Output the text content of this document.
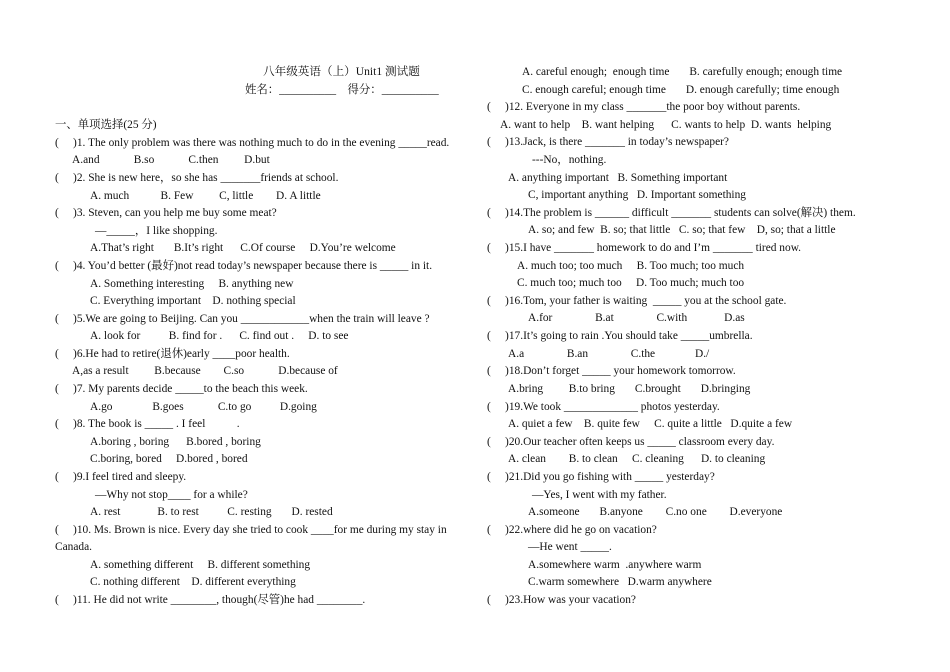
八年级英语（上）Unit1 测试题
姓名：__________    得分：__________
一、单项选择(25 分)
(     )1. The only problem was there was nothing much to do in the evening _____read.
A.and            B.so            C.then         D.but
(     )2. She is new here，so she has _______friends at school.
A. much           B. Few         C, little        D. A little
(     )3. Steven, can you help me buy some meat?
—_____，I like shopping.
A.That’s right       B.It’s right      C.Of course     D.You’re welcome
(     )4. You’d better (最好)not read today’s newspaper because there is _____ in it.
A. Something interesting     B. anything new
C. Everything important    D. nothing special
(     )5.We are going to Beijing. Can you ____________when the train will leave ?
A. look for          B. find for .      C. find out .     D. to see
(     )6.He had to retire(退休)early ____poor health.
A,as a result         B.because        C.so            D.because of
(     )7. My parents decide _____to the beach this week.
A.go              B.goes            C.to go          D.going
(     )8. The book is _____ . I feel           .
A.boring , boring      B.bored , boring
C.boring, bored     D.bored , bored
(     )9.I feel tired and sleepy.
—Why not stop____ for a while?
A. rest             B. to rest          C. resting       D. rested
(     )10. Ms. Brown is nice. Every day she tried to cook ____for me during my stay in
Canada.
A. something different     B. different something
C. nothing different    D. different everything
(     )11. He did not write ________, though(尽管)he had ________.
A. careful enough;  enough time       B. carefully enough; enough time
C. enough careful; enough time       D. enough carefully; time enough
(     )12. Everyone in my class _______the poor boy without parents.
A. want to help    B. want helping      C. wants to help  D. wants  helping
(     )13.Jack, is there _______ in today’s newspaper?
---No，nothing.
A. anything important   B. Something important
C, important anything   D. Important something
(     )14.The problem is ______ difficult _______ students can solve(解决) them.
A. so; and few  B. so; that little   C. so; that few    D, so; that a little
(     )15.I have _______ homework to do and I’m _______ tired now.
A. much too; too much     B. Too much; too much
C. much too; much too     D. Too much; much too
(     )16.Tom, your father is waiting  _____ you at the school gate.
A.for               B.at               C.with             D.as
(     )17.It’s going to rain .You should take _____umbrella.
A.a               B.an               C.the              D./
(     )18.Don’t forget _____ your homework tomorrow.
A.bring         B.to bring       C.brought       D.bringing
(     )19.We took _____________ photos yesterday.
A. quiet a few    B. quite few     C. quite a little   D.quite a few
(     )20.Our teacher often keeps us _____ classroom every day.
A. clean        B. to clean     C. cleaning      D. to cleaning
(     )21.Did you go fishing with _____ yesterday?
—Yes, I went with my father.
A.someone       B.anyone        C.no one        D.everyone
(     )22.where did he go on vacation?
—He went _____.
A.somewhere warm  .anywhere warm
C.warm somewhere   D.warm anywhere
(     )23.How was your vacation?
